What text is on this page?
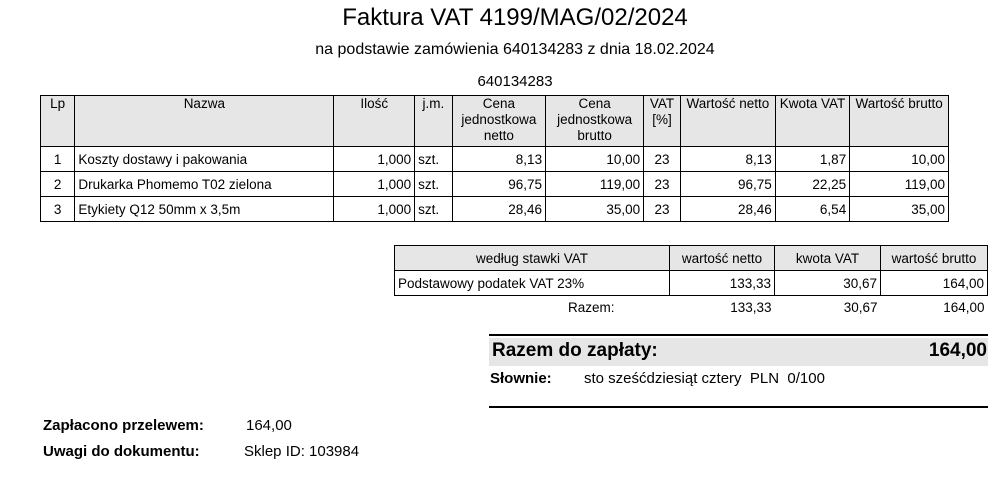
Faktura VAT 4199/MAG/02/2024
na podstawie zamówienia 640134283 z dnia 18.02.2024
640134283
Lp	Nazwa	Ilość	j.m.	Cena jednostkowa netto	Cena jednostkowa brutto	VAT [%]	Wartość netto	Kwota VAT	Wartość brutto
1	Koszty dostawy i pakowania	1,000	szt.	8,13	10,00	23	8,13	1,87	10,00
2	Drukarka Phomemo T02 zielona	1,000	szt.	96,75	119,00	23	96,75	22,25	119,00
3	Etykiety Q12 50mm x 3,5m	1,000	szt.	28,46	35,00	23	28,46	6,54	35,00
według stawki VAT	wartość netto	kwota VAT	wartość brutto
Podstawowy podatek VAT 23%	133,33	30,67	164,00
Razem:	133,33	30,67	164,00
Razem do zapłaty:	164,00
Słownie: sto sześćdziesiąt cztery  PLN  0/100
Zapłacono przelewem:	164,00
Uwagi do dokumentu:	Sklep ID: 103984
